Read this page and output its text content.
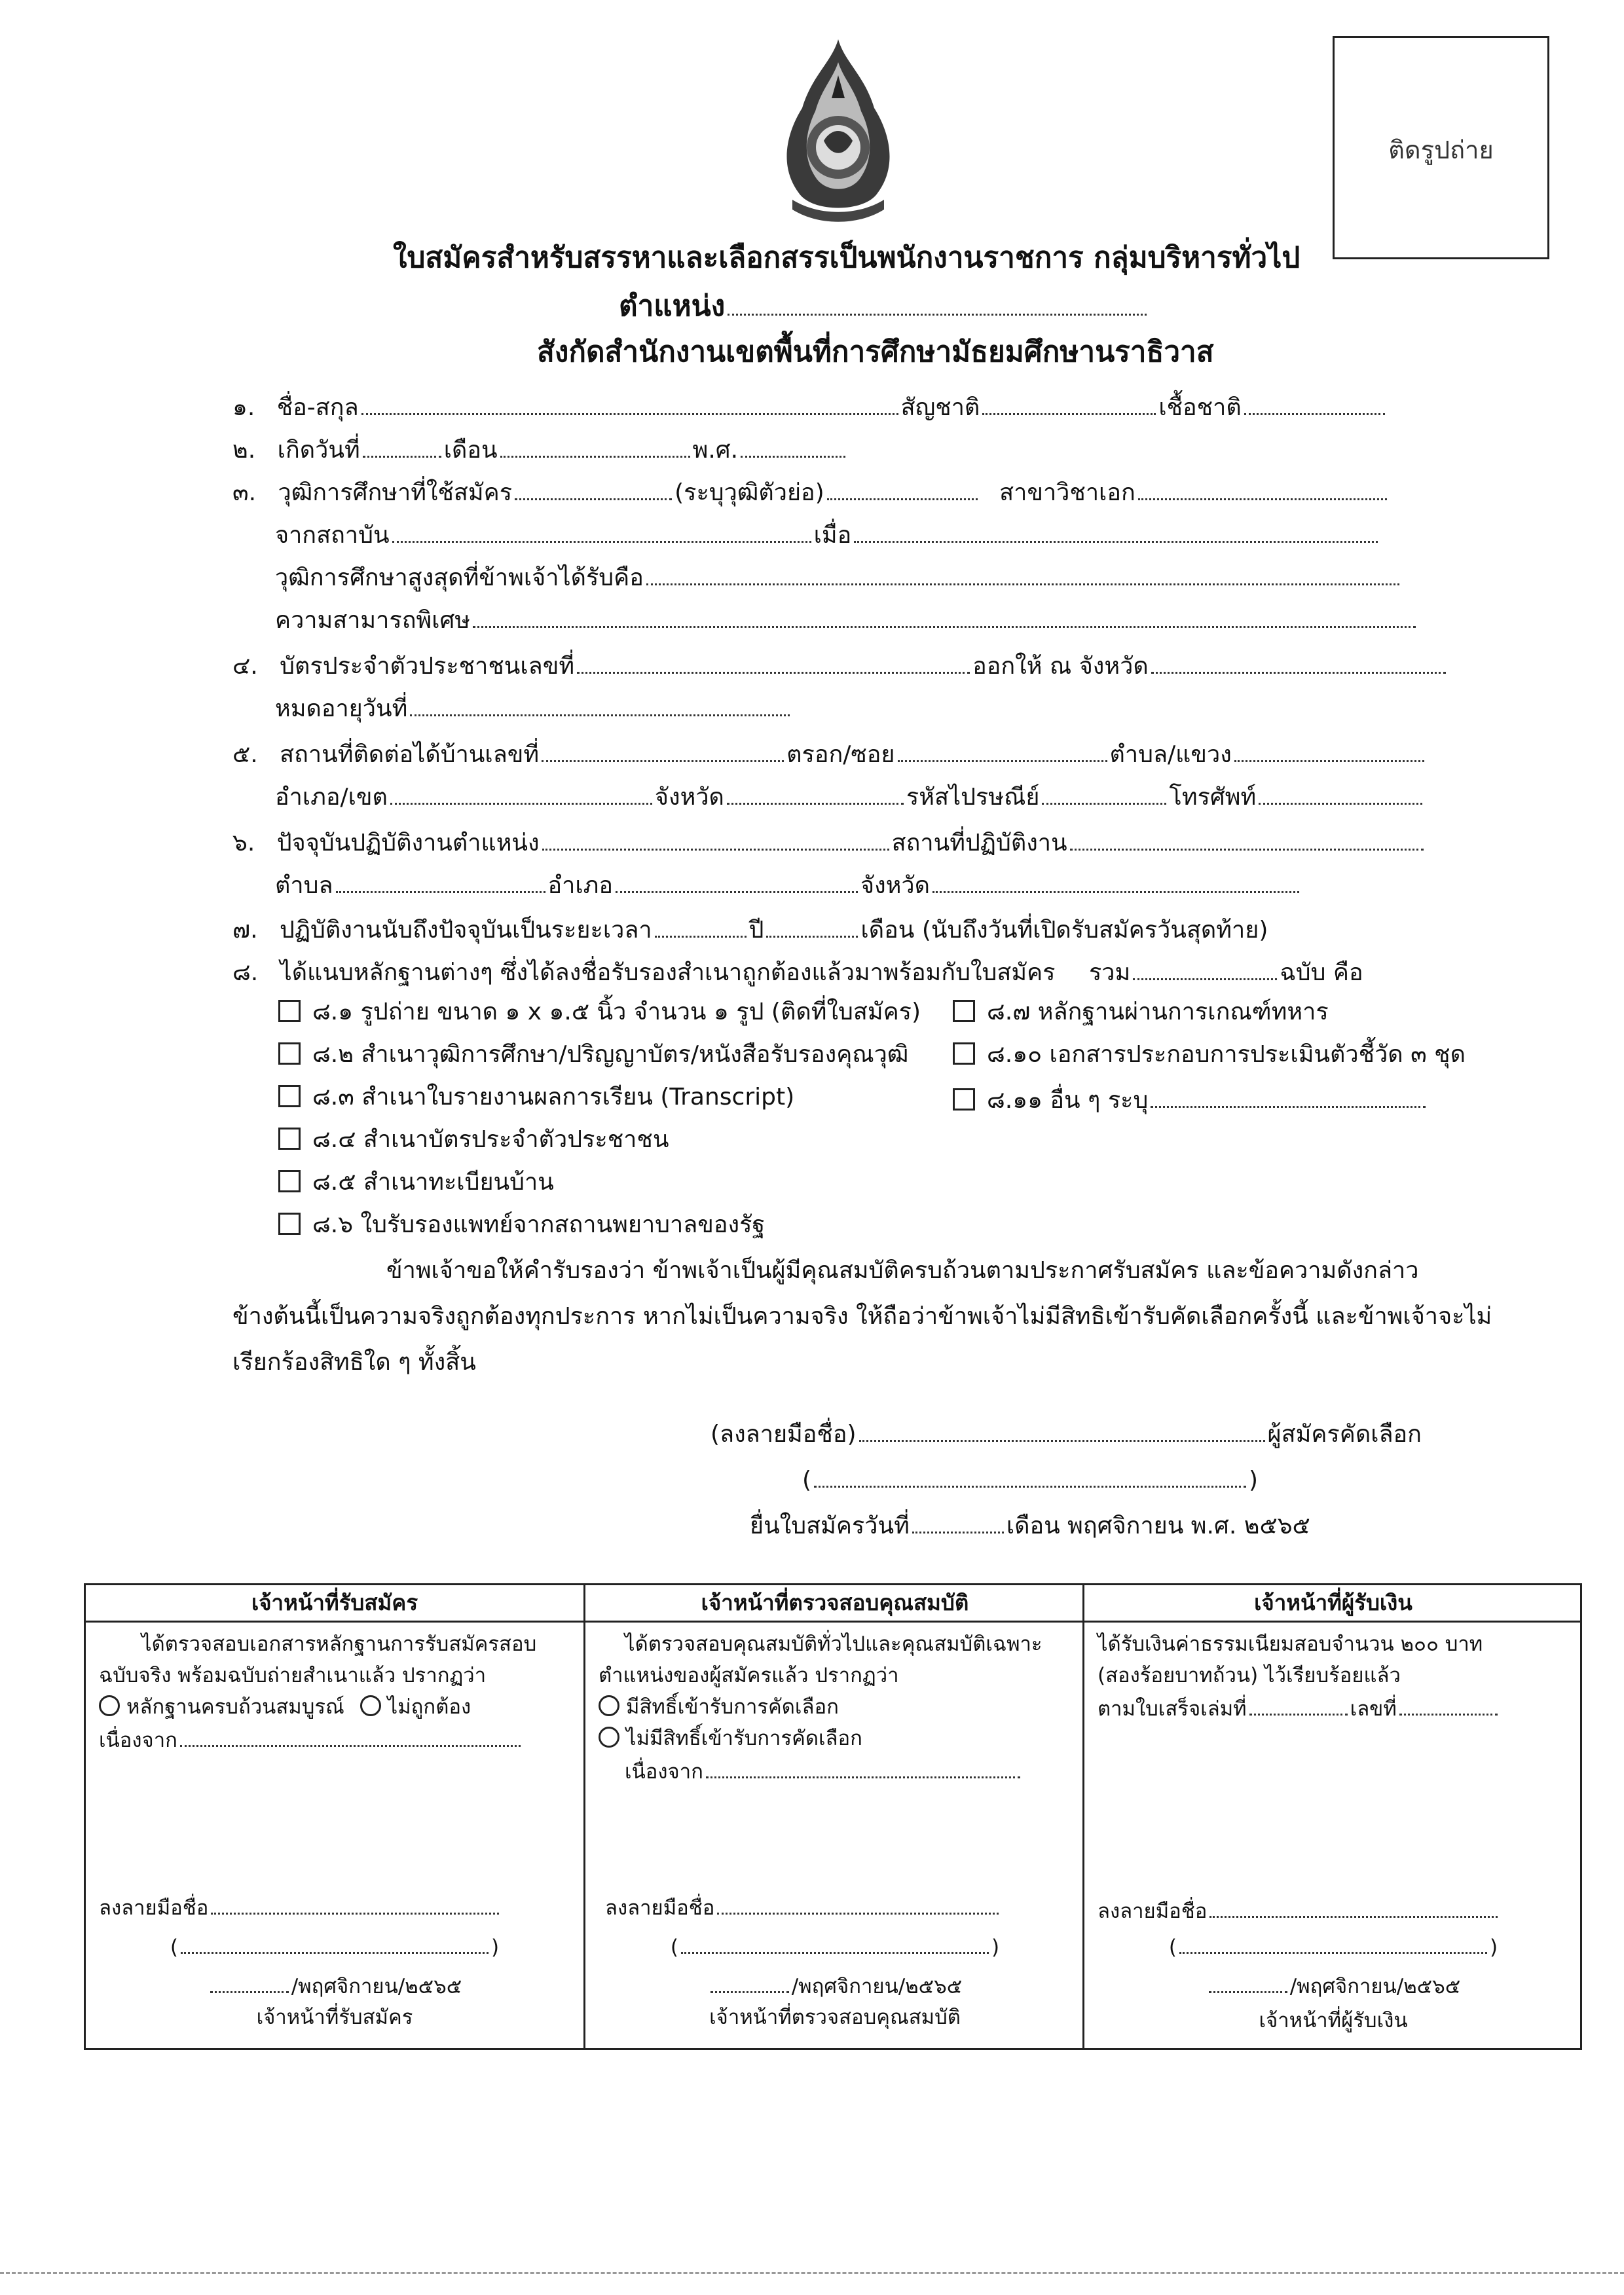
ติดรูปถ่าย
ใบสมัครสำหรับสรรหาและเลือกสรรเป็นพนักงานราชการ กลุ่มบริหารทั่วไป
ตำแหน่ง
สังกัดสำนักงานเขตพื้นที่การศึกษามัธยมศึกษานราธิวาส
๑. ชื่อ-สกุล	สัญชาติ	เชื้อชาติ
๒. เกิดวันที่	เดือน	พ.ศ.
๓. วุฒิการศึกษาที่ใช้สมัคร	(ระบุวุฒิตัวย่อ)	สาขาวิชาเอก
จากสถาบัน	เมื่อ
วุฒิการศึกษาสูงสุดที่ข้าพเจ้าได้รับคือ
ความสามารถพิเศษ
๔. บัตรประจำตัวประชาชนเลขที่	ออกให้ ณ จังหวัด
หมดอายุวันที่
๕. สถานที่ติดต่อได้บ้านเลขที่	ตรอก/ซอย	ตำบล/แขวง
อำเภอ/เขต	จังหวัด	รหัสไปรษณีย์	โทรศัพท์
๖. ปัจจุบันปฏิบัติงานตำแหน่ง	สถานที่ปฏิบัติงาน
ตำบล	อำเภอ	จังหวัด
๗. ปฏิบัติงานนับถึงปัจจุบันเป็นระยะเวลา	ปี	เดือน (นับถึงวันที่เปิดรับสมัครวันสุดท้าย)
๘. ได้แนบหลักฐานต่างๆ ซึ่งได้ลงชื่อรับรองสำเนาถูกต้องแล้วมาพร้อมกับใบสมัคร รวม	ฉบับ คือ
๘.๑ รูปถ่าย ขนาด ๑ x ๑.๕ นิ้ว จำนวน ๑ รูป (ติดที่ใบสมัคร)
๘.๒ สำเนาวุฒิการศึกษา/ปริญญาบัตร/หนังสือรับรองคุณวุฒิ
๘.๓ สำเนาใบรายงานผลการเรียน (Transcript)
๘.๔ สำเนาบัตรประจำตัวประชาชน
๘.๕ สำเนาทะเบียนบ้าน
๘.๖ ใบรับรองแพทย์จากสถานพยาบาลของรัฐ
๘.๗ หลักฐานผ่านการเกณฑ์ทหาร
๘.๑๐ เอกสารประกอบการประเมินตัวชี้วัด ๓ ชุด
๘.๑๑ อื่น ๆ ระบุ
ข้าพเจ้าขอให้คำรับรองว่า ข้าพเจ้าเป็นผู้มีคุณสมบัติครบถ้วนตามประกาศรับสมัคร และข้อความดังกล่าว
ข้างต้นนี้เป็นความจริงถูกต้องทุกประการ หากไม่เป็นความจริง ให้ถือว่าข้าพเจ้าไม่มีสิทธิเข้ารับคัดเลือกครั้งนี้ และข้าพเจ้าจะไม่
เรียกร้องสิทธิใด ๆ ทั้งสิ้น
(ลงลายมือชื่อ)	ผู้สมัครคัดเลือก
(	)
ยื่นใบสมัครวันที่	เดือน พฤศจิกายน พ.ศ. ๒๕๖๕
เจ้าหน้าที่รับสมัคร
ได้ตรวจสอบเอกสารหลักฐานการรับสมัครสอบ
ฉบับจริง พร้อมฉบับถ่ายสำเนาแล้ว ปรากฏว่า
หลักฐานครบถ้วนสมบูรณ์ ไม่ถูกต้อง
เนื่องจาก
ลงลายมือชื่อ
(	)
/พฤศจิกายน/๒๕๖๕
เจ้าหน้าที่รับสมัคร
เจ้าหน้าที่ตรวจสอบคุณสมบัติ
ได้ตรวจสอบคุณสมบัติทั่วไปและคุณสมบัติเฉพาะ
ตำแหน่งของผู้สมัครแล้ว ปรากฏว่า
มีสิทธิ์เข้ารับการคัดเลือก
ไม่มีสิทธิ์เข้ารับการคัดเลือก
เนื่องจาก
ลงลายมือชื่อ
(	)
/พฤศจิกายน/๒๕๖๕
เจ้าหน้าที่ตรวจสอบคุณสมบัติ
เจ้าหน้าที่ผู้รับเงิน
ได้รับเงินค่าธรรมเนียมสอบจำนวน ๒๐๐ บาท
(สองร้อยบาทถ้วน) ไว้เรียบร้อยแล้ว
ตามใบเสร็จเล่มที่	เลขที่
ลงลายมือชื่อ
(	)
/พฤศจิกายน/๒๕๖๕
เจ้าหน้าที่ผู้รับเงิน
